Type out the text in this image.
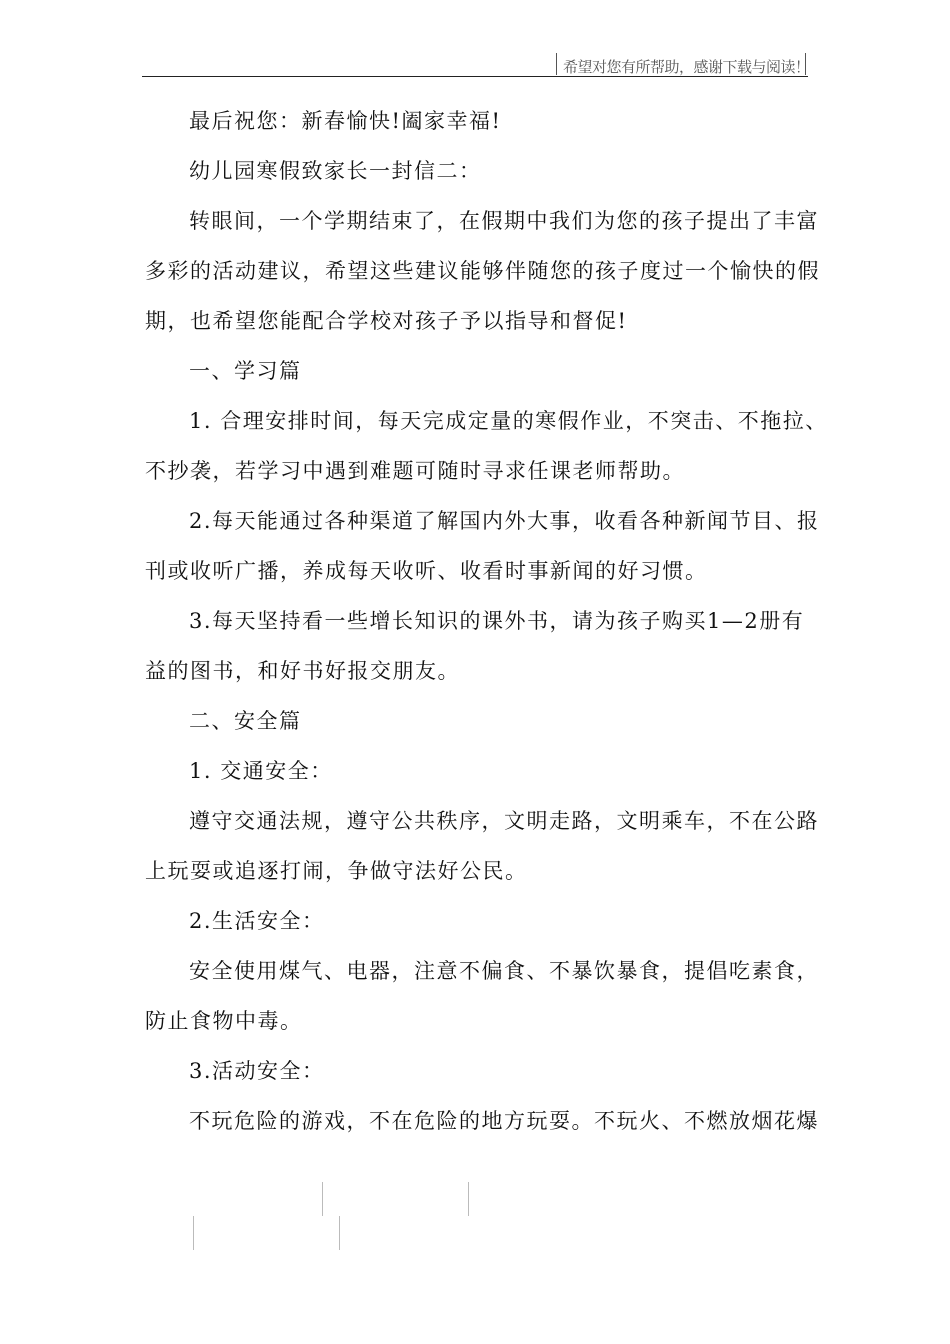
希望对您有所帮助，感谢下载与阅读！
最后祝您：新春愉快!阖家幸福!
幼儿园寒假致家长一封信二：
转眼间，一个学期结束了，在假期中我们为您的孩子提出了丰富
多彩的活动建议，希望这些建议能够伴随您的孩子度过一个愉快的假
期，也希望您能配合学校对孩子予以指导和督促!
一、学习篇
1. 合理安排时间，每天完成定量的寒假作业，不突击、不拖拉、
不抄袭，若学习中遇到难题可随时寻求任课老师帮助。
2.每天能通过各种渠道了解国内外大事，收看各种新闻节目、报
刊或收听广播，养成每天收听、收看时事新闻的好习惯。
3.每天坚持看一些增长知识的课外书，请为孩子购买1—2册有
益的图书，和好书好报交朋友。
二、安全篇
1. 交通安全：
遵守交通法规，遵守公共秩序，文明走路，文明乘车，不在公路
上玩耍或追逐打闹，争做守法好公民。
2.生活安全：
安全使用煤气、电器，注意不偏食、不暴饮暴食，提倡吃素食，
防止食物中毒。
3.活动安全：
不玩危险的游戏，不在危险的地方玩耍。不玩火、不燃放烟花爆
